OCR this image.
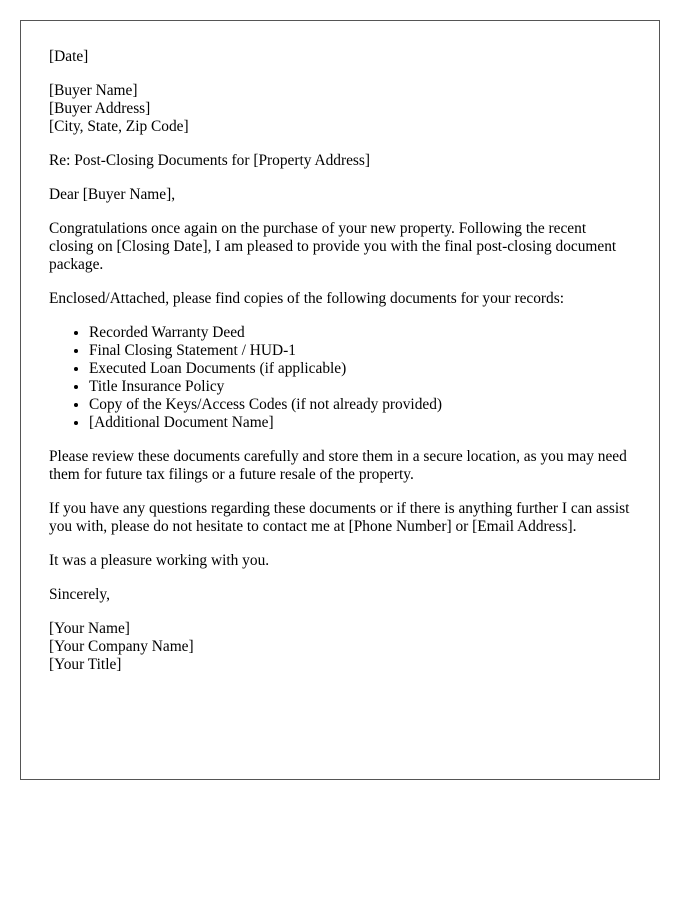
[Date]
[Buyer Name]
[Buyer Address]
[City, State, Zip Code]

Re: Post-Closing Documents for [Property Address]

Dear [Buyer Name],

Congratulations once again on the purchase of your new property. Following the recent closing on [Closing Date], I am pleased to provide you with the final post-closing document package.

Enclosed/Attached, please find copies of the following documents for your records:

• Recorded Warranty Deed
• Final Closing Statement / HUD-1
• Executed Loan Documents (if applicable)
• Title Insurance Policy
• Copy of the Keys/Access Codes (if not already provided)
• [Additional Document Name]

Please review these documents carefully and store them in a secure location, as you may need them for future tax filings or a future resale of the property.

If you have any questions regarding these documents or if there is anything further I can assist you with, please do not hesitate to contact me at [Phone Number] or [Email Address].

It was a pleasure working with you.

Sincerely,

[Your Name]
[Your Company Name]
[Your Title]
